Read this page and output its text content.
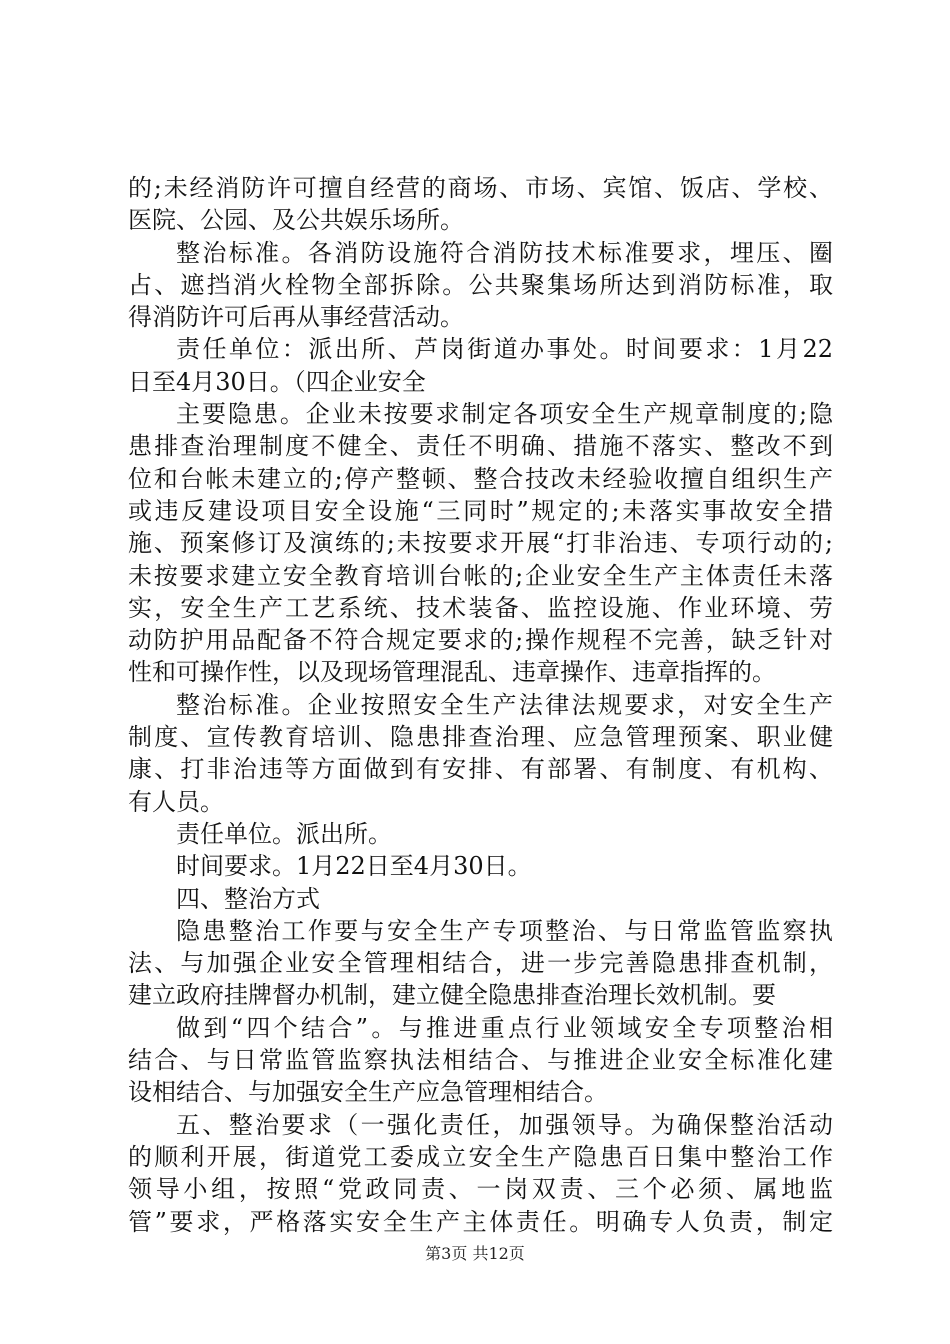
的;未经消防许可擅自经营的商场、市场、宾馆、饭店、学校、
医院、公园、及公共娱乐场所。
整治标准。各消防设施符合消防技术标准要求，埋压、圈
占、遮挡消火栓物全部拆除。公共聚集场所达到消防标准，取
得消防许可后再从事经营活动。
责任单位：派出所、芦岗街道办事处。时间要求：1月22
日至4月30日。（四企业安全
主要隐患。企业未按要求制定各项安全生产规章制度的;隐
患排查治理制度不健全、责任不明确、措施不落实、整改不到
位和台帐未建立的;停产整顿、整合技改未经验收擅自组织生产
或违反建设项目安全设施“三同时”规定的;未落实事故安全措
施、预案修订及演练的;未按要求开展“打非治违、专项行动的;
未按要求建立安全教育培训台帐的;企业安全生产主体责任未落
实，安全生产工艺系统、技术装备、监控设施、作业环境、劳
动防护用品配备不符合规定要求的;操作规程不完善，缺乏针对
性和可操作性，以及现场管理混乱、违章操作、违章指挥的。
整治标准。企业按照安全生产法律法规要求，对安全生产
制度、宣传教育培训、隐患排查治理、应急管理预案、职业健
康、打非治违等方面做到有安排、有部署、有制度、有机构、
有人员。
责任单位。派出所。
时间要求。1月22日至4月30日。
四、整治方式
隐患整治工作要与安全生产专项整治、与日常监管监察执
法、与加强企业安全管理相结合，进一步完善隐患排查机制，
建立政府挂牌督办机制，建立健全隐患排查治理长效机制。要
做到“四个结合”。与推进重点行业领域安全专项整治相
结合、与日常监管监察执法相结合、与推进企业安全标准化建
设相结合、与加强安全生产应急管理相结合。
五、整治要求（一强化责任，加强领导。为确保整治活动
的顺利开展，街道党工委成立安全生产隐患百日集中整治工作
领导小组，按照“党政同责、一岗双责、三个必须、属地监
管”要求，严格落实安全生产主体责任。明确专人负责，制定
第3页 共12页
